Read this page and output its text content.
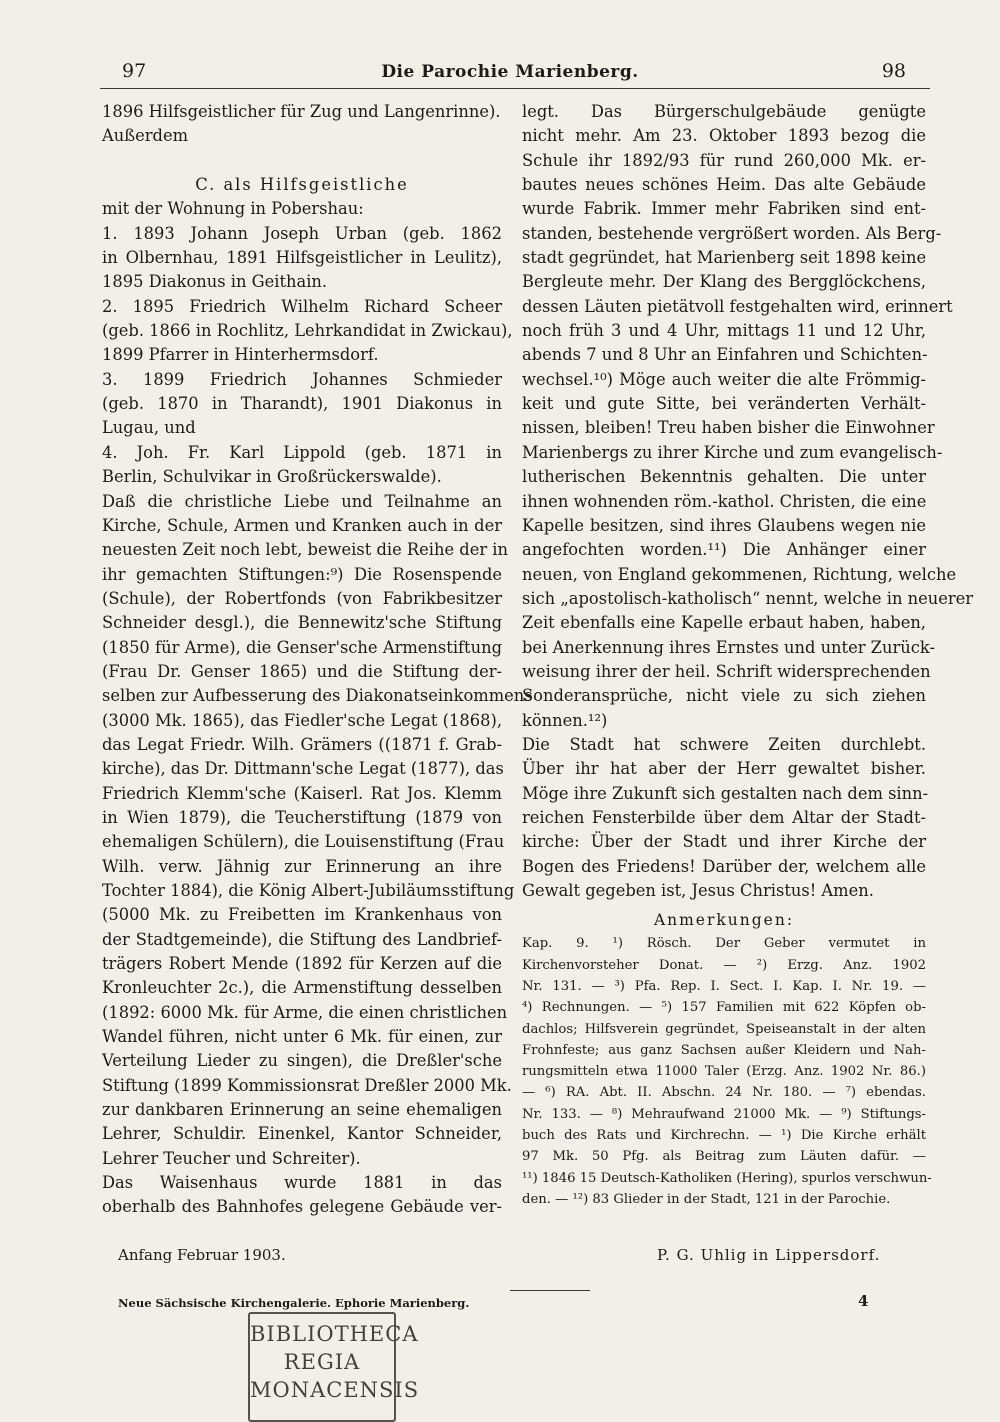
97	Die Parochie Marienberg.	98
1896 Hilfsgeistlicher für Zug und Langenrinne).
Außerdem
C. als Hilfsgeistliche
mit der Wohnung in Pobershau:
1. 1893 Johann Joseph Urban (geb. 1862
in Olbernhau, 1891 Hilfsgeistlicher in Leulitz),
1895 Diakonus in Geithain.
2. 1895 Friedrich Wilhelm Richard Scheer
(geb. 1866 in Rochlitz, Lehrkandidat in Zwickau),
1899 Pfarrer in Hinterhermsdorf.
3. 1899 Friedrich Johannes Schmieder
(geb. 1870 in Tharandt), 1901 Diakonus in
Lugau, und
4. Joh. Fr. Karl Lippold (geb. 1871 in
Berlin, Schulvikar in Großrückerswalde).
Daß die christliche Liebe und Teilnahme an
Kirche, Schule, Armen und Kranken auch in der
neuesten Zeit noch lebt, beweist die Reihe der in
ihr gemachten Stiftungen:⁹) Die Rosenspende
(Schule), der Robertfonds (von Fabrikbesitzer
Schneider desgl.), die Bennewitz'sche Stiftung
(1850 für Arme), die Genser'sche Armenstiftung
(Frau Dr. Genser 1865) und die Stiftung der-
selben zur Aufbesserung des Diakonatseinkommens
(3000 Mk. 1865), das Fiedler'sche Legat (1868),
das Legat Friedr. Wilh. Grämers ((1871 f. Grab-
kirche), das Dr. Dittmann'sche Legat (1877), das
Friedrich Klemm'sche (Kaiserl. Rat Jos. Klemm
in Wien 1879), die Teucherstiftung (1879 von
ehemaligen Schülern), die Louisenstiftung (Frau
Wilh. verw. Jähnig zur Erinnerung an ihre
Tochter 1884), die König Albert-Jubiläumsstiftung
(5000 Mk. zu Freibetten im Krankenhaus von
der Stadtgemeinde), die Stiftung des Landbrief-
trägers Robert Mende (1892 für Kerzen auf die
Kronleuchter 2c.), die Armenstiftung desselben
(1892: 6000 Mk. für Arme, die einen christlichen
Wandel führen, nicht unter 6 Mk. für einen, zur
Verteilung Lieder zu singen), die Dreßler'sche
Stiftung (1899 Kommissionsrat Dreßler 2000 Mk.
zur dankbaren Erinnerung an seine ehemaligen
Lehrer, Schuldir. Einenkel, Kantor Schneider,
Lehrer Teucher und Schreiter).
Das Waisenhaus wurde 1881 in das
oberhalb des Bahnhofes gelegene Gebäude ver-
legt. Das Bürgerschulgebäude genügte
nicht mehr. Am 23. Oktober 1893 bezog die
Schule ihr 1892/93 für rund 260,000 Mk. er-
bautes neues schönes Heim. Das alte Gebäude
wurde Fabrik. Immer mehr Fabriken sind ent-
standen, bestehende vergrößert worden. Als Berg-
stadt gegründet, hat Marienberg seit 1898 keine
Bergleute mehr. Der Klang des Bergglöckchens,
dessen Läuten pietätvoll festgehalten wird, erinnert
noch früh 3 und 4 Uhr, mittags 11 und 12 Uhr,
abends 7 und 8 Uhr an Einfahren und Schichten-
wechsel.¹⁰) Möge auch weiter die alte Frömmig-
keit und gute Sitte, bei veränderten Verhält-
nissen, bleiben! Treu haben bisher die Einwohner
Marienbergs zu ihrer Kirche und zum evangelisch-
lutherischen Bekenntnis gehalten. Die unter
ihnen wohnenden röm.-kathol. Christen, die eine
Kapelle besitzen, sind ihres Glaubens wegen nie
angefochten worden.¹¹) Die Anhänger einer
neuen, von England gekommenen, Richtung, welche
sich „apostolisch-katholisch“ nennt, welche in neuerer
Zeit ebenfalls eine Kapelle erbaut haben, haben,
bei Anerkennung ihres Ernstes und unter Zurück-
weisung ihrer der heil. Schrift widersprechenden
Sonderansprüche, nicht viele zu sich ziehen
können.¹²)
Die Stadt hat schwere Zeiten durchlebt.
Über ihr hat aber der Herr gewaltet bisher.
Möge ihre Zukunft sich gestalten nach dem sinn-
reichen Fensterbilde über dem Altar der Stadt-
kirche: Über der Stadt und ihrer Kirche der
Bogen des Friedens! Darüber der, welchem alle
Gewalt gegeben ist, Jesus Christus! Amen.
Anmerkungen:
Kap. 9. ¹) Rösch. Der Geber vermutet in
Kirchenvorsteher Donat. — ²) Erzg. Anz. 1902
Nr. 131. — ³) Pfa. Rep. I. Sect. I. Kap. I. Nr. 19. —
⁴) Rechnungen. — ⁵) 157 Familien mit 622 Köpfen ob-
dachlos; Hilfsverein gegründet, Speiseanstalt in der alten
Frohnfeste; aus ganz Sachsen außer Kleidern und Nah-
rungsmitteln etwa 11000 Taler (Erzg. Anz. 1902 Nr. 86.)
— ⁶) RA. Abt. II. Abschn. 24 Nr. 180. — ⁷) ebendas.
Nr. 133. — ⁸) Mehraufwand 21000 Mk. — ⁹) Stiftungs-
buch des Rats und Kirchrechn. — ¹) Die Kirche erhält
97 Mk. 50 Pfg. als Beitrag zum Läuten dafür. —
¹¹) 1846 15 Deutsch-Katholiken (Hering), spurlos verschwun-
den. — ¹²) 83 Glieder in der Stadt, 121 in der Parochie.
Anfang Februar 1903.	P. G. Uhlig in Lippersdorf.
Neue Sächsische Kirchengalerie. Ephorie Marienberg.	4
BIBLIOTHECA
REGIA
MONACENSIS
